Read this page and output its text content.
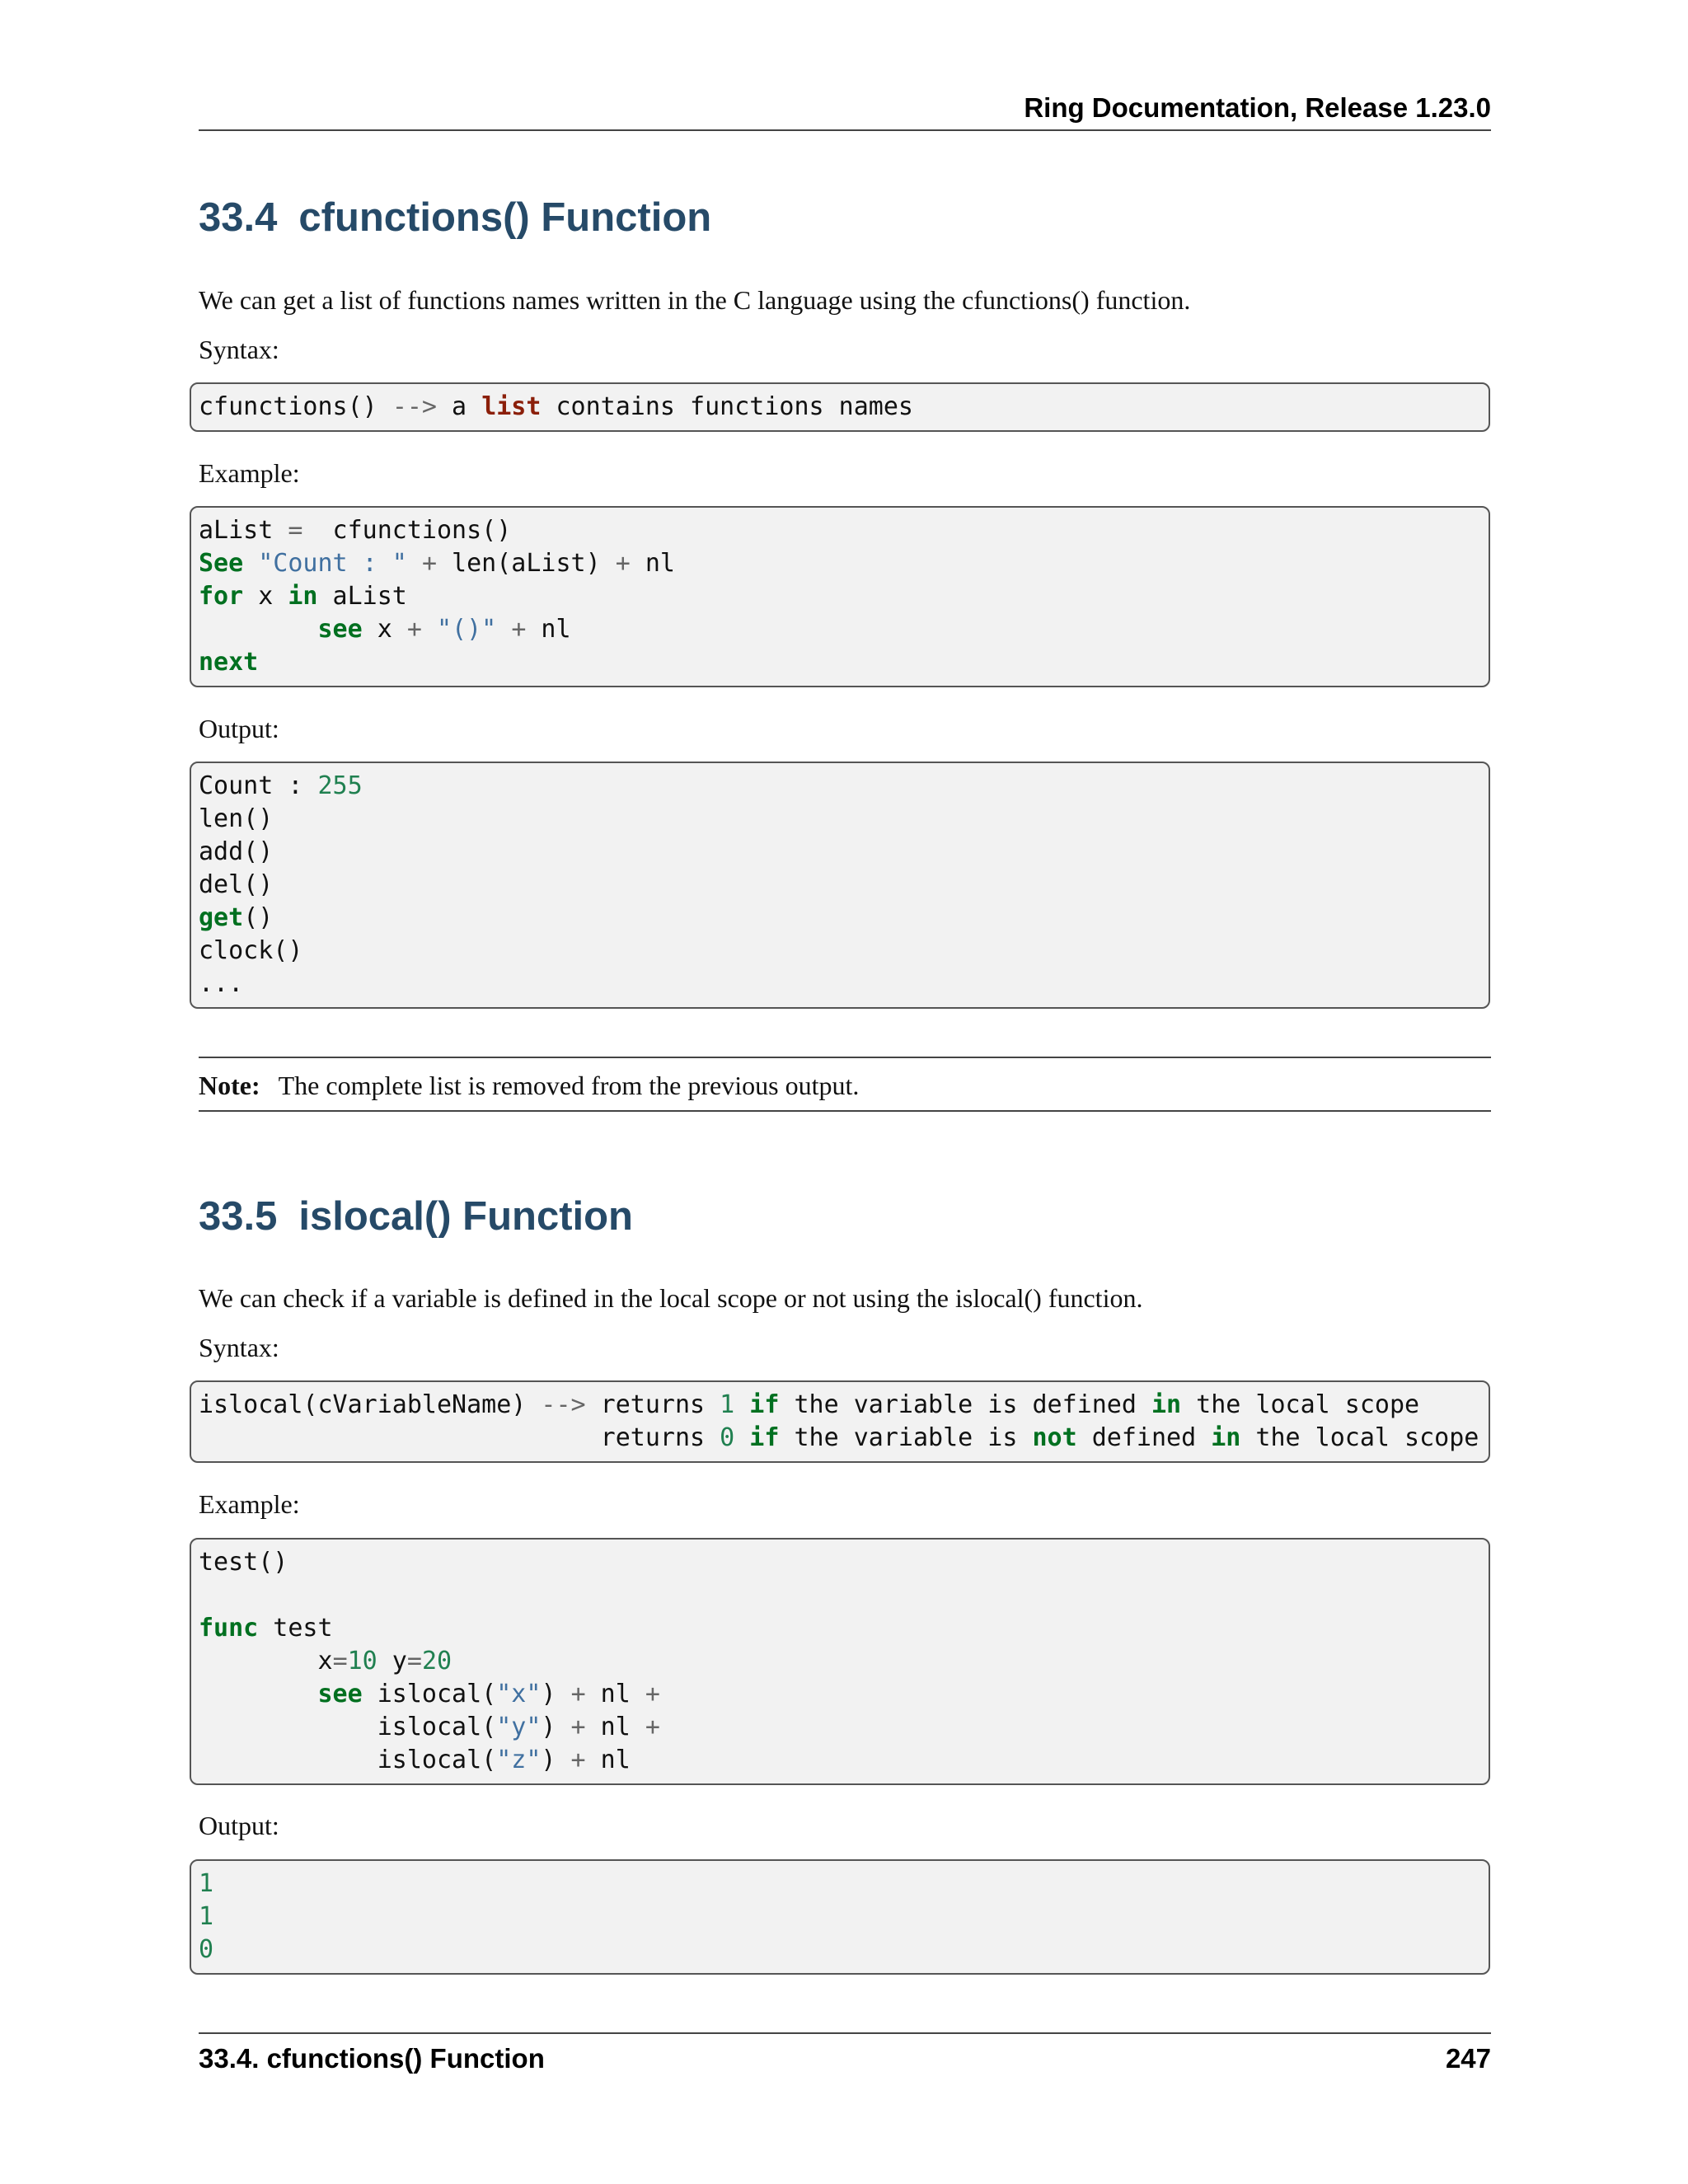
Ring Documentation, Release 1.23.0
33.4 cfunctions() Function

We can get a list of functions names written in the C language using the cfunctions() function.

Syntax:

cfunctions() --> a list contains functions names

Example:

aList =  cfunctions()
See "Count : " + len(aList) + nl
for x in aList
see x + "()" + nl
next

Output:

Count : 255
len()
add()
del()
get()
clock()
...
Note: The complete list is removed from the previous output.
33.5 islocal() Function

We can check if a variable is defined in the local scope or not using the islocal() function.

Syntax:

islocal(cVariableName) --> returns 1 if the variable is defined in the local scope
returns 0 if the variable is not defined in the local scope

Example:

test()
func test
x=10 y=20
see islocal("x") + nl +
islocal("y") + nl +
islocal("z") + nl

Output:

1
1
0
33.4. cfunctions() Function	247
